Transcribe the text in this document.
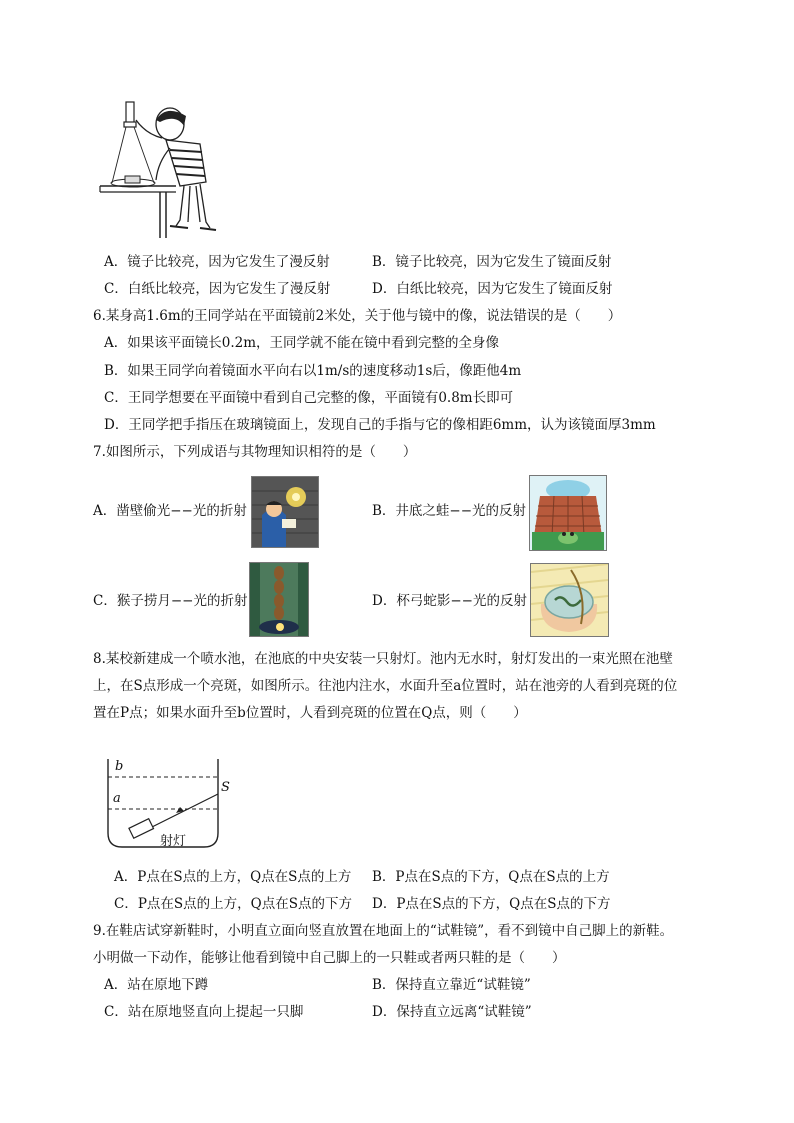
A．镜子比较亮，因为它发生了漫反射	B．镜子比较亮，因为它发生了镜面反射
C．白纸比较亮，因为它发生了漫反射	D．白纸比较亮，因为它发生了镜面反射
6.某身高1.6m的王同学站在平面镜前2米处，关于他与镜中的像，说法错误的是（　　）
A．如果该平面镜长0.2m，王同学就不能在镜中看到完整的全身像
B．如果王同学向着镜面水平向右以1m/s的速度移动1s后，像距他4m
C．王同学想要在平面镜中看到自己完整的像，平面镜有0.8m长即可
D．王同学把手指压在玻璃镜面上，发现自己的手指与它的像相距6mm，认为该镜面厚3mm
7.如图所示，下列成语与其物理知识相符的是（　　）
A．凿壁偷光−−光的折射	B．井底之蛙−−光的反射
C．猴子捞月−−光的折射	D．杯弓蛇影−−光的反射
8.某校新建成一个喷水池，在池底的中央安装一只射灯。池内无水时，射灯发出的一束光照在池壁
上，在S点形成一个亮斑，如图所示。往池内注水，水面升至a位置时，站在池旁的人看到亮斑的位
置在P点；如果水面升至b位置时，人看到亮斑的位置在Q点，则（　　）
b
a
S
射灯
A．P点在S点的上方，Q点在S点的上方 B．P点在S点的下方，Q点在S点的上方
C．P点在S点的上方，Q点在S点的下方 D．P点在S点的下方，Q点在S点的下方
9.在鞋店试穿新鞋时，小明直立面向竖直放置在地面上的“试鞋镜”，看不到镜中自己脚上的新鞋。
小明做一下动作，能够让他看到镜中自己脚上的一只鞋或者两只鞋的是（　　）
A．站在原地下蹲	B．保持直立靠近“试鞋镜”
C．站在原地竖直向上提起一只脚	D．保持直立远离“试鞋镜”
